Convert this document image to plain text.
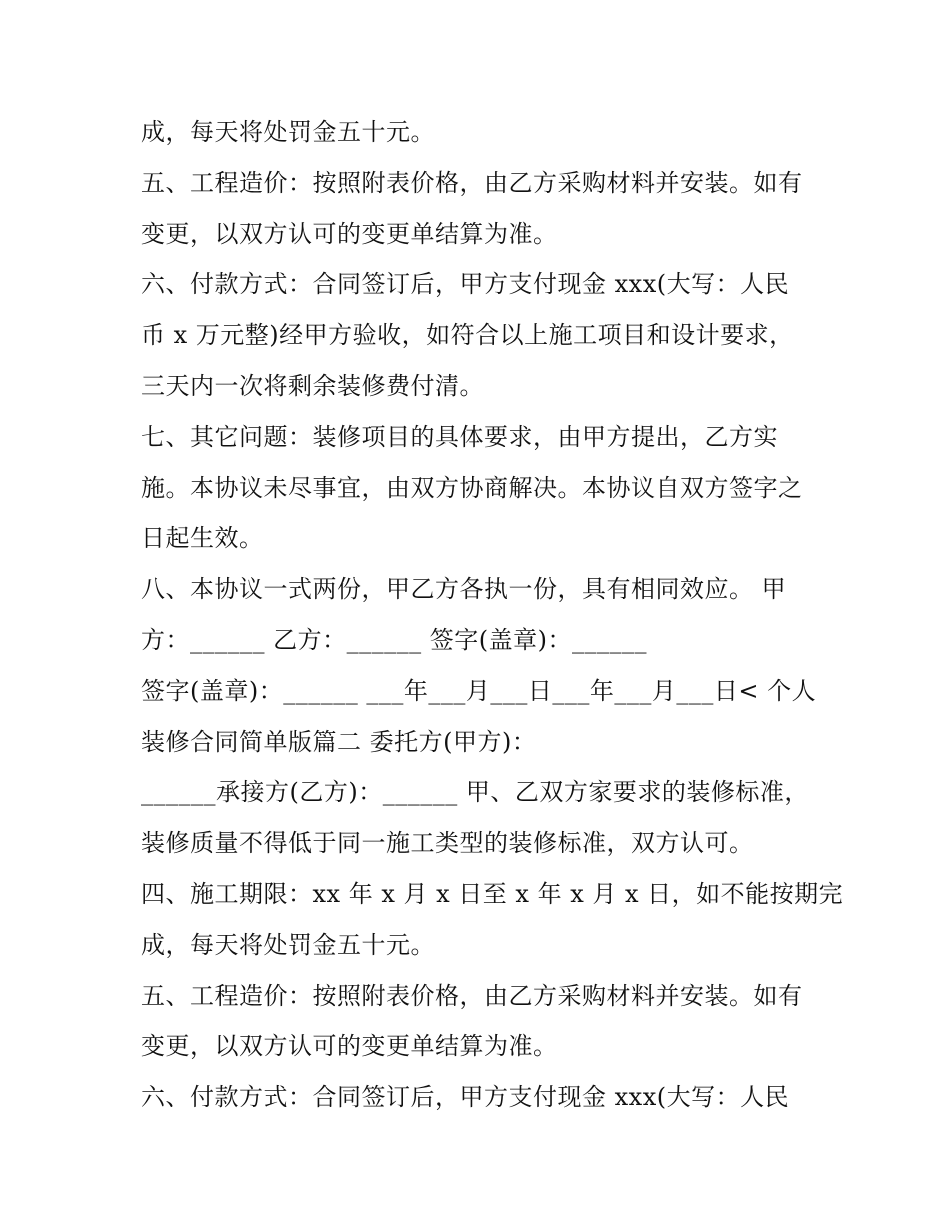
成，每天将处罚金五十元。
五、工程造价：按照附表价格，由乙方采购材料并安装。如有
变更，以双方认可的变更单结算为准。
六、付款方式：合同签订后，甲方支付现金 xxx(大写：人民
币 x 万元整)经甲方验收，如符合以上施工项目和设计要求，
三天内一次将剩余装修费付清。
七、其它问题：装修项目的具体要求，由甲方提出，乙方实
施。本协议未尽事宜，由双方协商解决。本协议自双方签字之
日起生效。
八、本协议一式两份，甲乙方各执一份，具有相同效应。 甲
方：______ 乙方：______ 签字(盖章)：______
签字(盖章)：______ ___年___月___日___年___月___日< 个人
装修合同简单版篇二 委托方(甲方)：
______承接方(乙方)：______ 甲、乙双方家要求的装修标准，
装修质量不得低于同一施工类型的装修标准，双方认可。
四、施工期限：xx 年 x 月 x 日至 x 年 x 月 x 日，如不能按期完
成，每天将处罚金五十元。
五、工程造价：按照附表价格，由乙方采购材料并安装。如有
变更，以双方认可的变更单结算为准。
六、付款方式：合同签订后，甲方支付现金 xxx(大写：人民
